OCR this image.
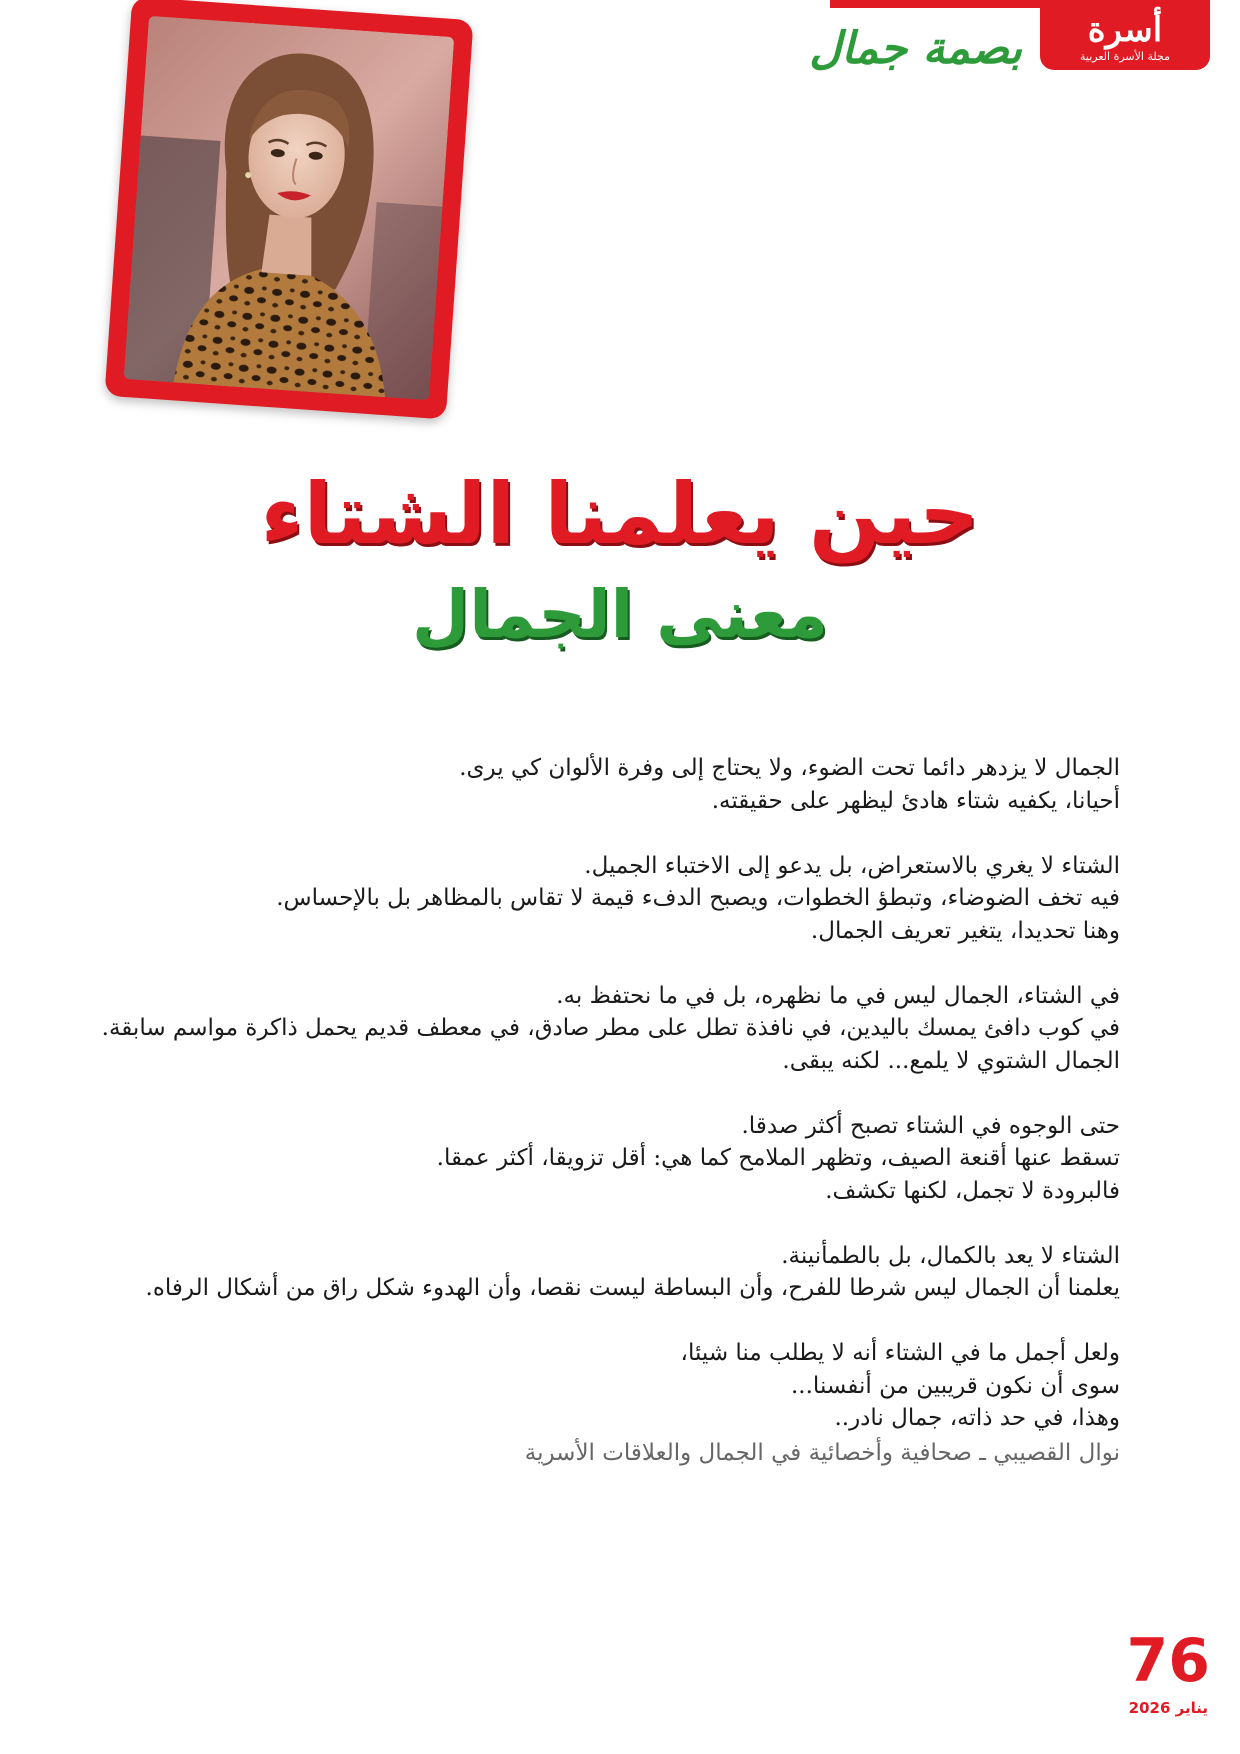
أسرة
مجلة الأسرة العربية
بصمة جمال
حين يعلمنا الشتاء
معنى الجمال

الجمال لا يزدهر دائما تحت الضوء، ولا يحتاج إلى وفرة الألوان كي يرى.
أحيانا، يكفيه شتاء هادئ ليظهر على حقيقته.

الشتاء لا يغري بالاستعراض، بل يدعو إلى الاختباء الجميل.
فيه تخف الضوضاء، وتبطؤ الخطوات، ويصبح الدفء قيمة لا تقاس بالمظاهر بل بالإحساس.
وهنا تحديدا، يتغير تعريف الجمال.

في الشتاء، الجمال ليس في ما نظهره، بل في ما نحتفظ به.
في كوب دافئ يمسك باليدين، في نافذة تطل على مطر صادق، في معطف قديم يحمل ذاكرة مواسم سابقة.
الجمال الشتوي لا يلمع... لكنه يبقى.

حتى الوجوه في الشتاء تصبح أكثر صدقا.
تسقط عنها أقنعة الصيف، وتظهر الملامح كما هي: أقل تزويقا، أكثر عمقا.
فالبرودة لا تجمل، لكنها تكشف.

الشتاء لا يعد بالكمال، بل بالطمأنينة.
يعلمنا أن الجمال ليس شرطا للفرح، وأن البساطة ليست نقصا، وأن الهدوء شكل راق من أشكال الرفاه.

ولعل أجمل ما في الشتاء أنه لا يطلب منا شيئا،
سوى أن نكون قريبين من أنفسنا...
وهذا، في حد ذاته، جمال نادر..
نوال القصيبي ـ صحافية وأخصائية في الجمال والعلاقات الأسرية

76
يناير 2026
